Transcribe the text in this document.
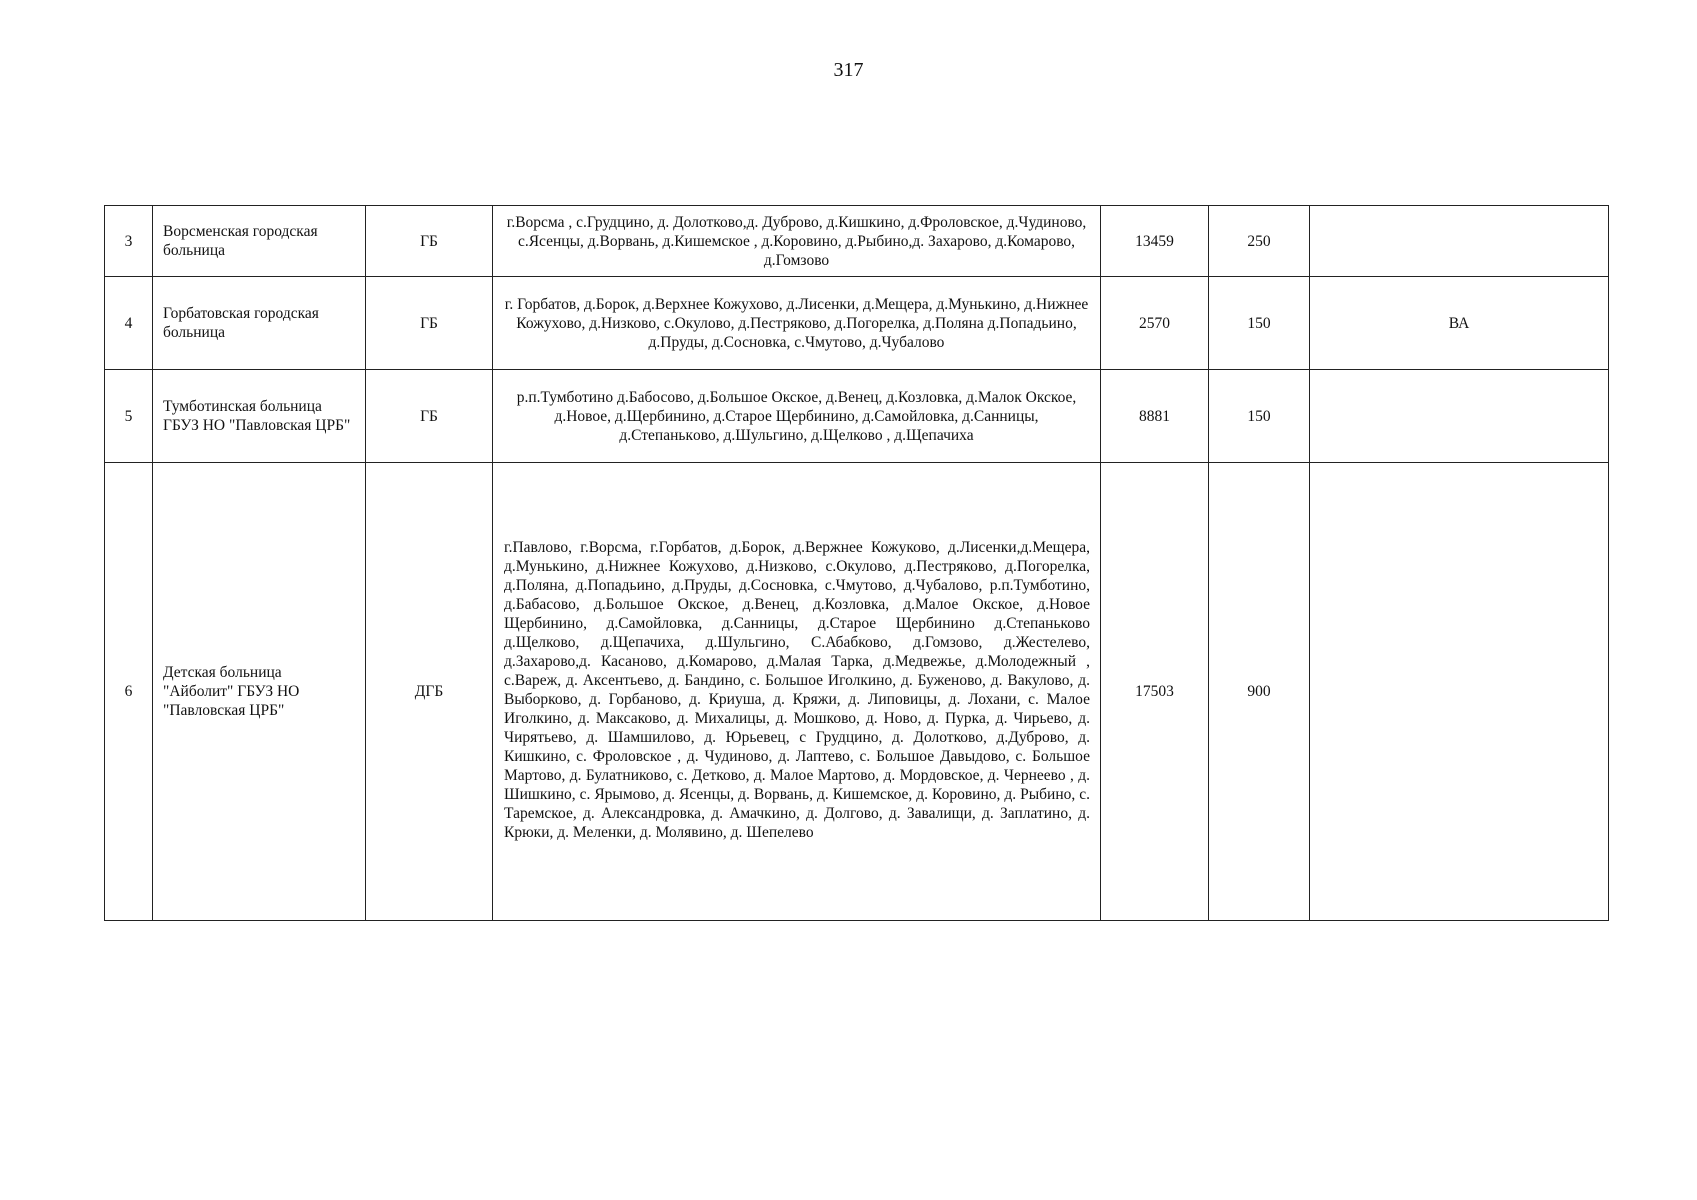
317
3	Ворсменская городская больница	ГБ	г.Ворсма , с.Грудцино, д. Долотково,д. Дуброво, д.Кишкино, д.Фроловское, д.Чудиново, с.Ясенцы, д.Ворвань, д.Кишемское , д.Коровино, д.Рыбино,д. Захарово, д.Комарово, д.Гомзово	13459	250	
4	Горбатовская городская больница	ГБ	г. Горбатов, д.Борок, д.Верхнее Кожухово, д.Лисенки, д.Мещера, д.Мунькино, д.Нижнее Кожухово, д.Низково, с.Окулово, д.Пестряково, д.Погорелка, д.Поляна д.Попадьино, д.Пруды, д.Сосновка, с.Чмутово, д.Чубалово	2570	150	ВА
5	Тумботинская больница ГБУЗ НО "Павловская ЦРБ"	ГБ	р.п.Тумботино д.Бабосово, д.Большое Окское, д.Венец, д.Козловка, д.Малок Окское, д.Новое, д.Щербинино, д.Старое Щербинино, д.Самойловка, д.Санницы, д.Степанькoво, д.Шульгино, д.Щелково , д.Щепачиха	8881	150	
6	Детская больница "Айболит" ГБУЗ НО "Павловская ЦРБ"	ДГБ	г.Павлово, г.Ворсма, г.Горбатов, д.Борок, д.Вержнее Кожуково, д.Лисенки,д.Мещера, д.Мунькино, д.Нижнее Кожухово, д.Низково, с.Окулово, д.Пестряково, д.Погорелка, д.Поляна, д.Попадьино, д.Пруды, д.Сосновка, с.Чмутово, д.Чубалово, р.п.Тумботино, д.Бабасово, д.Большое Окское, д.Венец, д.Козловка, д.Малое Окское, д.Новое Щербинино, д.Самойловка, д.Санницы, д.Старое Щербинино д.Степаньково д.Щелково, д.Щепачиха, д.Шульгино, С.Абабково, д.Гомзово, д.Жестелево, д.Захарово,д. Касаново, д.Комарово, д.Малая Тарка, д.Медвежье, д.Молодежный , с.Вареж, д. Аксентьево, д. Бандино, с. Большое Иголкино, д. Буженово, д. Вакулово, д. Выборково, д. Горбаново, д. Криуша, д. Кряжи, д. Липовицы, д. Лохани, с. Малое Иголкино, д. Максаково, д. Михалицы, д. Мошково, д. Ново, д. Пурка, д. Чирьево, д. Чирятьево, д. Шамшилово, д. Юрьевец, с Грудцино, д. Долотково, д.Дуброво, д. Кишкино, с. Фроловское , д. Чудиново, д. Лаптево, с. Большое Давыдово, с. Большое Мартово, д. Булатниково, с. Детково, д. Малое Мартово, д. Мордовское, д. Чернеево , д. Шишкино, с. Ярымово, д. Ясенцы, д. Ворвань, д. Кишемское, д. Коровино, д. Рыбино, с. Таремское, д. Александровка, д. Амачкино, д. Долгово, д. Завалищи, д. Заплатино, д. Крюки, д. Меленки, д. Молявино, д. Шепелево	17503	900	
